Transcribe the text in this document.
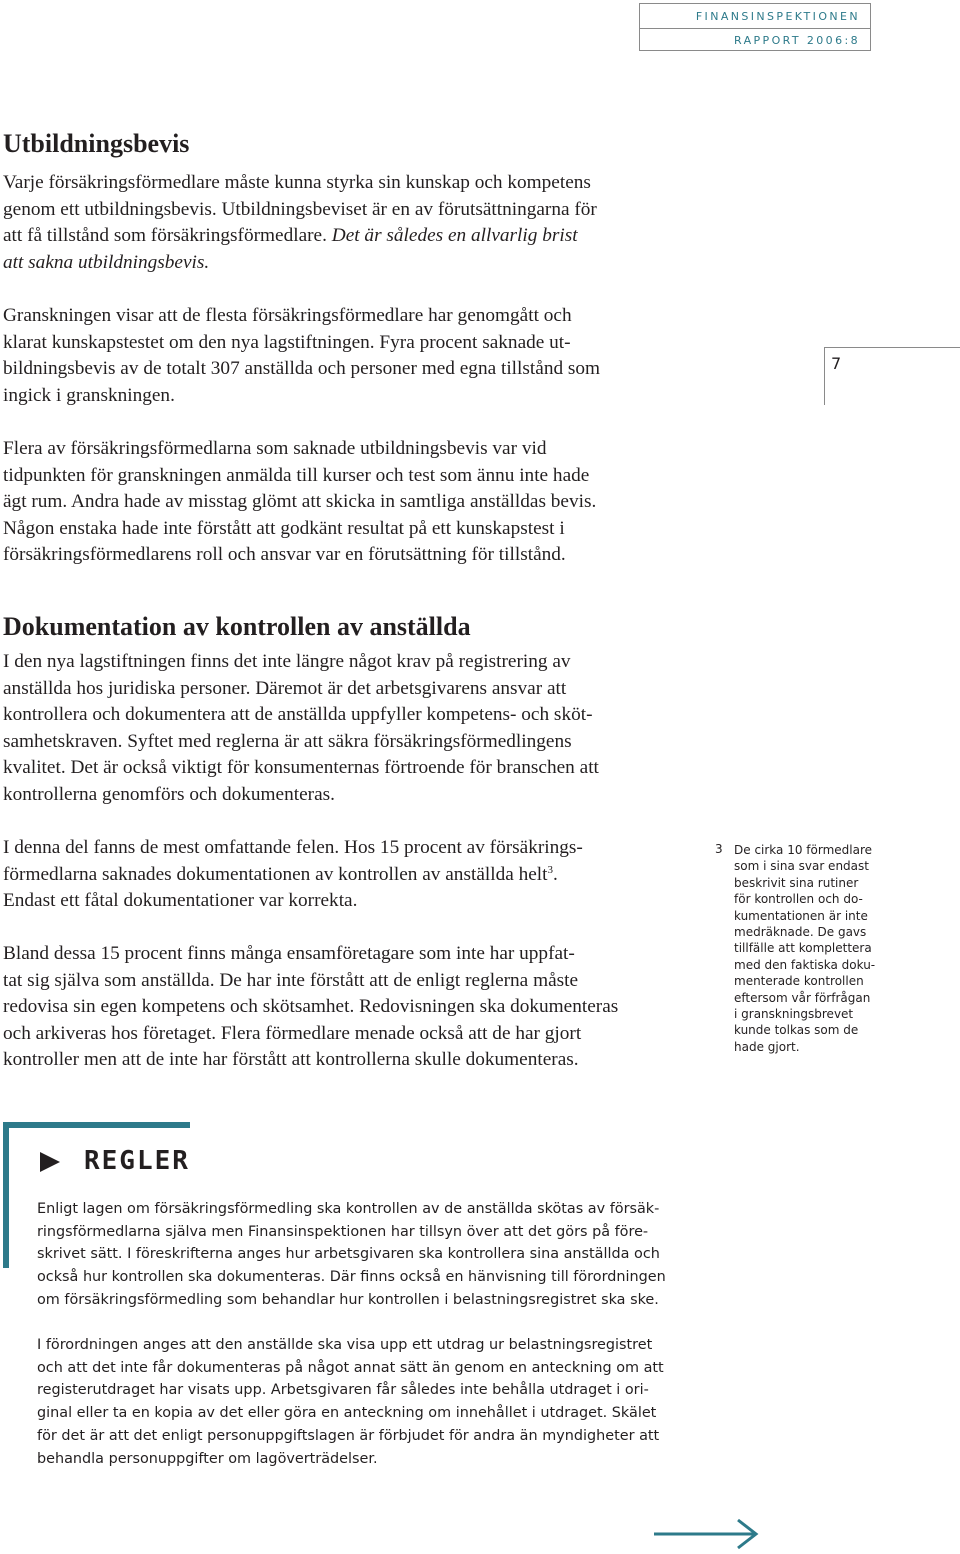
FINANSINSPEKTIONEN
RAPPORT 2006:8
Utbildningsbevis

Varje försäkringsförmedlare måste kunna styrka sin kunskap och kompetens
genom ett utbildningsbevis. Utbildningsbeviset är en av förutsättningarna för
att få tillstånd som försäkringsförmedlare. Det är således en allvarlig brist
att sakna utbildningsbevis.

Granskningen visar att de flesta försäkringsförmedlare har genomgått och
klarat kunskapstestet om den nya lagstiftningen. Fyra procent saknade ut-
bildningsbevis av de totalt 307 anställda och personer med egna tillstånd som
ingick i granskningen.

7

Flera av försäkringsförmedlarna som saknade utbildningsbevis var vid
tidpunkten för granskningen anmälda till kurser och test som ännu inte hade
ägt rum. Andra hade av misstag glömt att skicka in samtliga anställdas bevis.
Någon enstaka hade inte förstått att godkänt resultat på ett kunskapstest i
försäkringsförmedlarens roll och ansvar var en förutsättning för tillstånd.

Dokumentation av kontrollen av anställda

I den nya lagstiftningen finns det inte längre något krav på registrering av
anställda hos juridiska personer. Däremot är det arbetsgivarens ansvar att
kontrollera och dokumentera att de anställda uppfyller kompetens- och sköt-
samhetskraven. Syftet med reglerna är att säkra försäkringsförmedlingens
kvalitet. Det är också viktigt för konsumenternas förtroende för branschen att
kontrollerna genomförs och dokumenteras.

I denna del fanns de mest omfattande felen. Hos 15 procent av försäkrings-
förmedlarna saknades dokumentationen av kontrollen av anställda helt$^3$.
Endast ett fåtal dokumentationer var korrekta.

Bland dessa 15 procent finns många ensamföretagare som inte har uppfat-
tat sig själva som anställda. De har inte förstått att de enligt reglerna måste
redovisa sin egen kompetens och skötsamhet. Redovisningen ska dokumenteras
och arkiveras hos företaget. Flera förmedlare menade också att de har gjort
kontroller men att de inte har förstått att kontrollerna skulle dokumenteras.

3 De cirka 10 förmedlare
som i sina svar endast
beskrivit sina rutiner
för kontrollen och do-
kumentationen är inte
medräknade. De gavs
tillfälle att komplettera
med den faktiska doku-
menterade kontrollen
eftersom vår förfrågan
i granskningsbrevet
kunde tolkas som de
hade gjort.
REGLER

Enligt lagen om försäkringsförmedling ska kontrollen av de anställda skötas av försäk-
ringsförmedlarna själva men Finansinspektionen har tillsyn över att det görs på före-
skrivet sätt. I föreskrifterna anges hur arbetsgivaren ska kontrollera sina anställda och
också hur kontrollen ska dokumenteras. Där finns också en hänvisning till förordningen
om försäkringsförmedling som behandlar hur kontrollen i belastningsregistret ska ske.

I förordningen anges att den anställde ska visa upp ett utdrag ur belastningsregistret
och att det inte får dokumenteras på något annat sätt än genom en anteckning om att
registerutdraget har visats upp. Arbetsgivaren får således inte behålla utdraget i ori-
ginal eller ta en kopia av det eller göra en anteckning om innehållet i utdraget. Skälet
för det är att det enligt personuppgiftslagen är förbjudet för andra än myndigheter att
behandla personuppgifter om lagöverträdelser.
